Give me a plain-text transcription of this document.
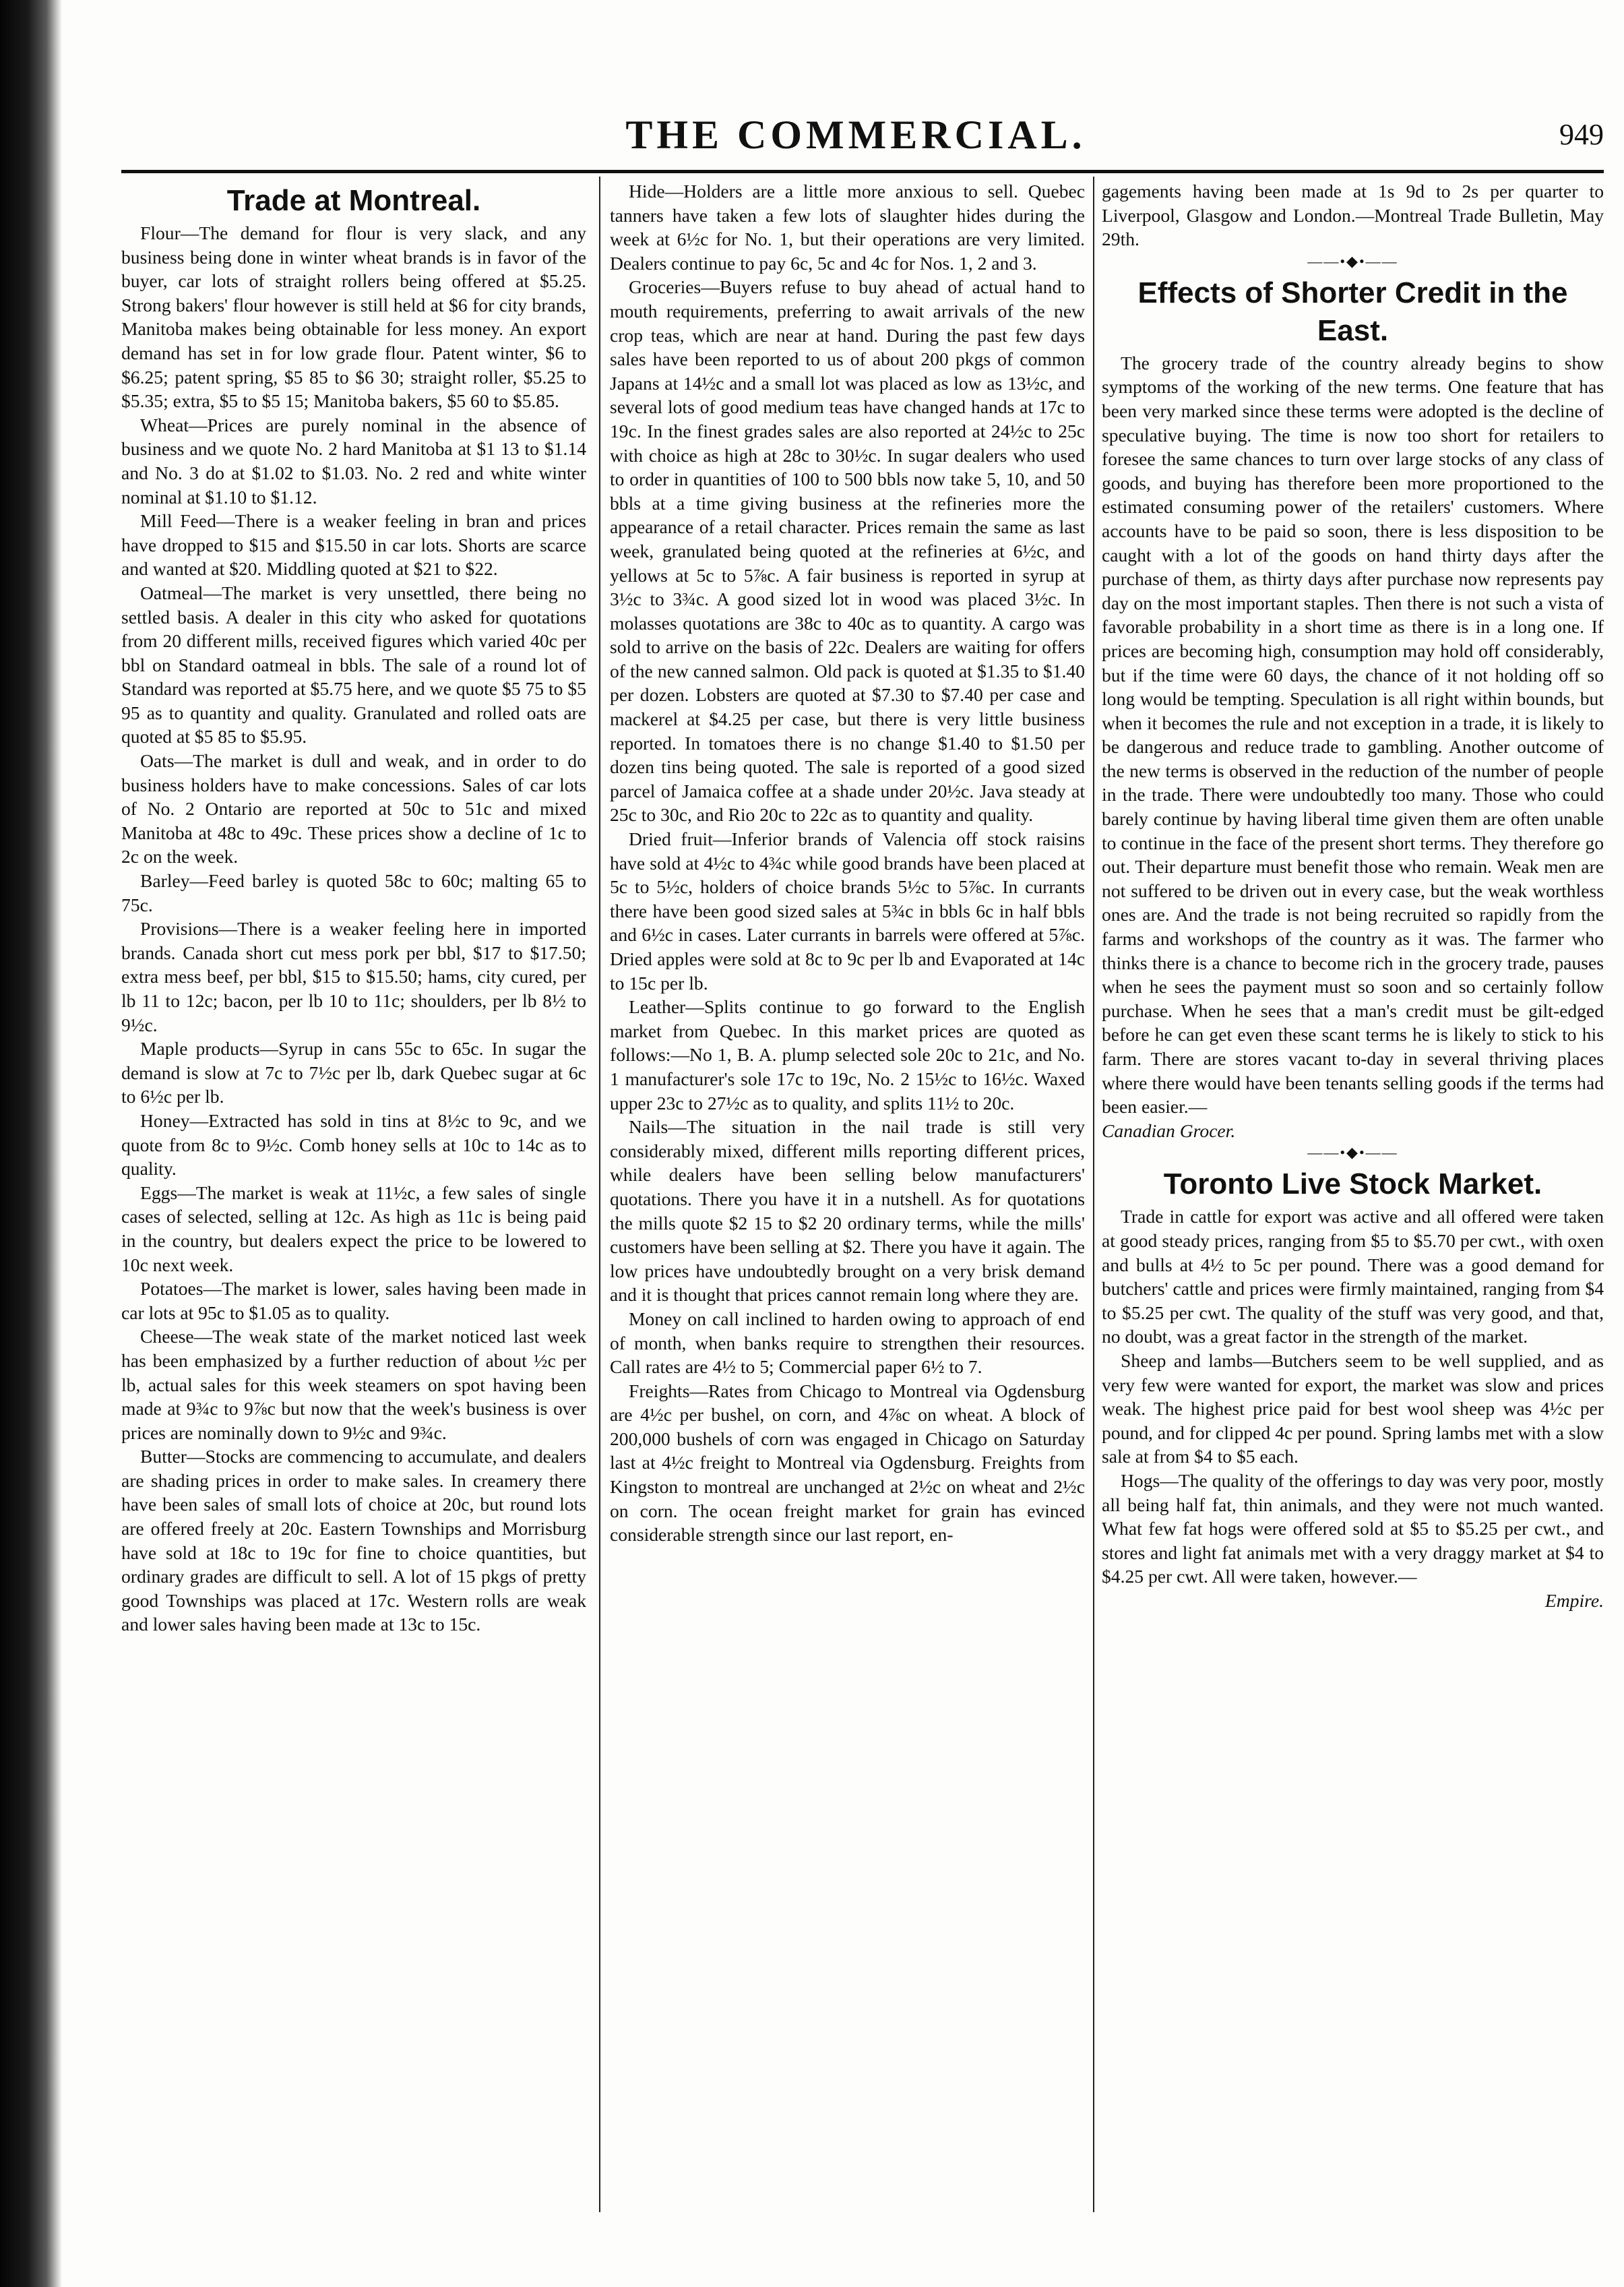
THE COMMERCIAL.	949
Trade at Montreal.

Flour—The demand for flour is very slack, and any business being done in winter wheat brands is in favor of the buyer, car lots of straight rollers being offered at $5.25. Strong bakers' flour however is still held at $6 for city brands, Manitoba makes being obtainable for less money. An export demand has set in for low grade flour. Patent winter, $6 to $6.25; patent spring, $5 85 to $6 30; straight roller, $5.25 to $5.35; extra, $5 to $5 15; Manitoba bakers, $5 60 to $5.85.

Wheat—Prices are purely nominal in the absence of business and we quote No. 2 hard Manitoba at $1 13 to $1.14 and No. 3 do at $1.02 to $1.03. No. 2 red and white winter nominal at $1.10 to $1.12.

Mill Feed—There is a weaker feeling in bran and prices have dropped to $15 and $15.50 in car lots. Shorts are scarce and wanted at $20. Middling quoted at $21 to $22.

Oatmeal—The market is very unsettled, there being no settled basis. A dealer in this city who asked for quotations from 20 different mills, received figures which varied 40c per bbl on Standard oatmeal in bbls. The sale of a round lot of Standard was reported at $5.75 here, and we quote $5 75 to $5 95 as to quantity and quality. Granulated and rolled oats are quoted at $5 85 to $5.95.

Oats—The market is dull and weak, and in order to do business holders have to make concessions. Sales of car lots of No. 2 Ontario are reported at 50c to 51c and mixed Manitoba at 48c to 49c. These prices show a decline of 1c to 2c on the week.

Barley—Feed barley is quoted 58c to 60c; malting 65 to 75c.

Provisions—There is a weaker feeling here in imported brands. Canada short cut mess pork per bbl, $17 to $17.50; extra mess beef, per bbl, $15 to $15.50; hams, city cured, per lb 11 to 12c; bacon, per lb 10 to 11c; shoulders, per lb 8½ to 9½c.

Maple products—Syrup in cans 55c to 65c. In sugar the demand is slow at 7c to 7½c per lb, dark Quebec sugar at 6c to 6½c per lb.

Honey—Extracted has sold in tins at 8½c to 9c, and we quote from 8c to 9½c. Comb honey sells at 10c to 14c as to quality.

Eggs—The market is weak at 11½c, a few sales of single cases of selected, selling at 12c. As high as 11c is being paid in the country, but dealers expect the price to be lowered to 10c next week.

Potatoes—The market is lower, sales having been made in car lots at 95c to $1.05 as to quality.

Cheese—The weak state of the market noticed last week has been emphasized by a further reduction of about ½c per lb, actual sales for this week steamers on spot having been made at 9¾c to 9⅞c but now that the week's business is over prices are nominally down to 9½c and 9¾c.

Butter—Stocks are commencing to accumulate, and dealers are shading prices in order to make sales. In creamery there have been sales of small lots of choice at 20c, but round lots are offered freely at 20c. Eastern Townships and Morrisburg have sold at 18c to 19c for fine to choice quantities, but ordinary grades are difficult to sell. A lot of 15 pkgs of pretty good Townships was placed at 17c. Western rolls are weak and lower sales having been made at 13c to 15c.

Hide—Holders are a little more anxious to sell. Quebec tanners have taken a few lots of slaughter hides during the week at 6½c for No. 1, but their operations are very limited. Dealers continue to pay 6c, 5c and 4c for Nos. 1, 2 and 3.

Groceries—Buyers refuse to buy ahead of actual hand to mouth requirements, preferring to await arrivals of the new crop teas, which are near at hand. During the past few days sales have been reported to us of about 200 pkgs of common Japans at 14½c and a small lot was placed as low as 13½c, and several lots of good medium teas have changed hands at 17c to 19c. In the finest grades sales are also reported at 24½c to 25c with choice as high at 28c to 30½c. In sugar dealers who used to order in quantities of 100 to 500 bbls now take 5, 10, and 50 bbls at a time giving business at the refineries more the appearance of a retail character. Prices remain the same as last week, granulated being quoted at the refineries at 6½c, and yellows at 5c to 5⅞c. A fair business is reported in syrup at 3½c to 3¾c. A good sized lot in wood was placed 3½c. In molasses quotations are 38c to 40c as to quantity. A cargo was sold to arrive on the basis of 22c. Dealers are waiting for offers of the new canned salmon. Old pack is quoted at $1.35 to $1.40 per dozen. Lobsters are quoted at $7.30 to $7.40 per case and mackerel at $4.25 per case, but there is very little business reported. In tomatoes there is no change $1.40 to $1.50 per dozen tins being quoted. The sale is reported of a good sized parcel of Jamaica coffee at a shade under 20½c. Java steady at 25c to 30c, and Rio 20c to 22c as to quantity and quality.

Dried fruit—Inferior brands of Valencia off stock raisins have sold at 4½c to 4¾c while good brands have been placed at 5c to 5½c, holders of choice brands 5½c to 5⅞c. In currants there have been good sized sales at 5¾c in bbls 6c in half bbls and 6½c in cases. Later currants in barrels were offered at 5⅞c. Dried apples were sold at 8c to 9c per lb and Evaporated at 14c to 15c per lb.

Leather—Splits continue to go forward to the English market from Quebec. In this market prices are quoted as follows:—No 1, B. A. plump selected sole 20c to 21c, and No. 1 manufacturer's sole 17c to 19c, No. 2 15½c to 16½c. Waxed upper 23c to 27½c as to quality, and splits 11½ to 20c.

Nails—The situation in the nail trade is still very considerably mixed, different mills reporting different prices, while dealers have been selling below manufacturers' quotations. There you have it in a nutshell. As for quotations the mills quote $2 15 to $2 20 ordinary terms, while the mills' customers have been selling at $2. There you have it again. The low prices have undoubtedly brought on a very brisk demand and it is thought that prices cannot remain long where they are.

Money on call inclined to harden owing to approach of end of month, when banks require to strengthen their resources. Call rates are 4½ to 5; Commercial paper 6½ to 7.

Freights—Rates from Chicago to Montreal via Ogdensburg are 4½c per bushel, on corn, and 4⅞c on wheat. A block of 200,000 bushels of corn was engaged in Chicago on Saturday last at 4½c freight to Montreal via Ogdensburg. Freights from Kingston to montreal are unchanged at 2½c on wheat and 2½c on corn. The ocean freight market for grain has evinced considerable strength since our last report, en-

gagements having been made at 1s 9d to 2s per quarter to Liverpool, Glasgow and London.—Montreal Trade Bulletin, May 29th.

——•◆•——
Effects of Shorter Credit in the East.

The grocery trade of the country already begins to show symptoms of the working of the new terms. One feature that has been very marked since these terms were adopted is the decline of speculative buying. The time is now too short for retailers to foresee the same chances to turn over large stocks of any class of goods, and buying has therefore been more proportioned to the estimated consuming power of the retailers' customers. Where accounts have to be paid so soon, there is less disposition to be caught with a lot of the goods on hand thirty days after the purchase of them, as thirty days after purchase now represents pay day on the most important staples. Then there is not such a vista of favorable probability in a short time as there is in a long one. If prices are becoming high, consumption may hold off considerably, but if the time were 60 days, the chance of it not holding off so long would be tempting. Speculation is all right within bounds, but when it becomes the rule and not exception in a trade, it is likely to be dangerous and reduce trade to gambling. Another outcome of the new terms is observed in the reduction of the number of people in the trade. There were undoubtedly too many. Those who could barely continue by having liberal time given them are often unable to continue in the face of the present short terms. They therefore go out. Their departure must benefit those who remain. Weak men are not suffered to be driven out in every case, but the weak worthless ones are. And the trade is not being recruited so rapidly from the farms and workshops of the country as it was. The farmer who thinks there is a chance to become rich in the grocery trade, pauses when he sees the payment must so soon and so certainly follow purchase. When he sees that a man's credit must be gilt-edged before he can get even these scant terms he is likely to stick to his farm. There are stores vacant to-day in several thriving places where there would have been tenants selling goods if the terms had been easier.—

Canadian Grocer.

——•◆•——
Toronto Live Stock Market.

Trade in cattle for export was active and all offered were taken at good steady prices, ranging from $5 to $5.70 per cwt., with oxen and bulls at 4½ to 5c per pound. There was a good demand for butchers' cattle and prices were firmly maintained, ranging from $4 to $5.25 per cwt. The quality of the stuff was very good, and that, no doubt, was a great factor in the strength of the market.

Sheep and lambs—Butchers seem to be well supplied, and as very few were wanted for export, the market was slow and prices weak. The highest price paid for best wool sheep was 4½c per pound, and for clipped 4c per pound. Spring lambs met with a slow sale at from $4 to $5 each.

Hogs—The quality of the offerings to day was very poor, mostly all being half fat, thin animals, and they were not much wanted. What few fat hogs were offered sold at $5 to $5.25 per cwt., and stores and light fat animals met with a very draggy market at $4 to $4.25 per cwt. All were taken, however.—

Empire.
